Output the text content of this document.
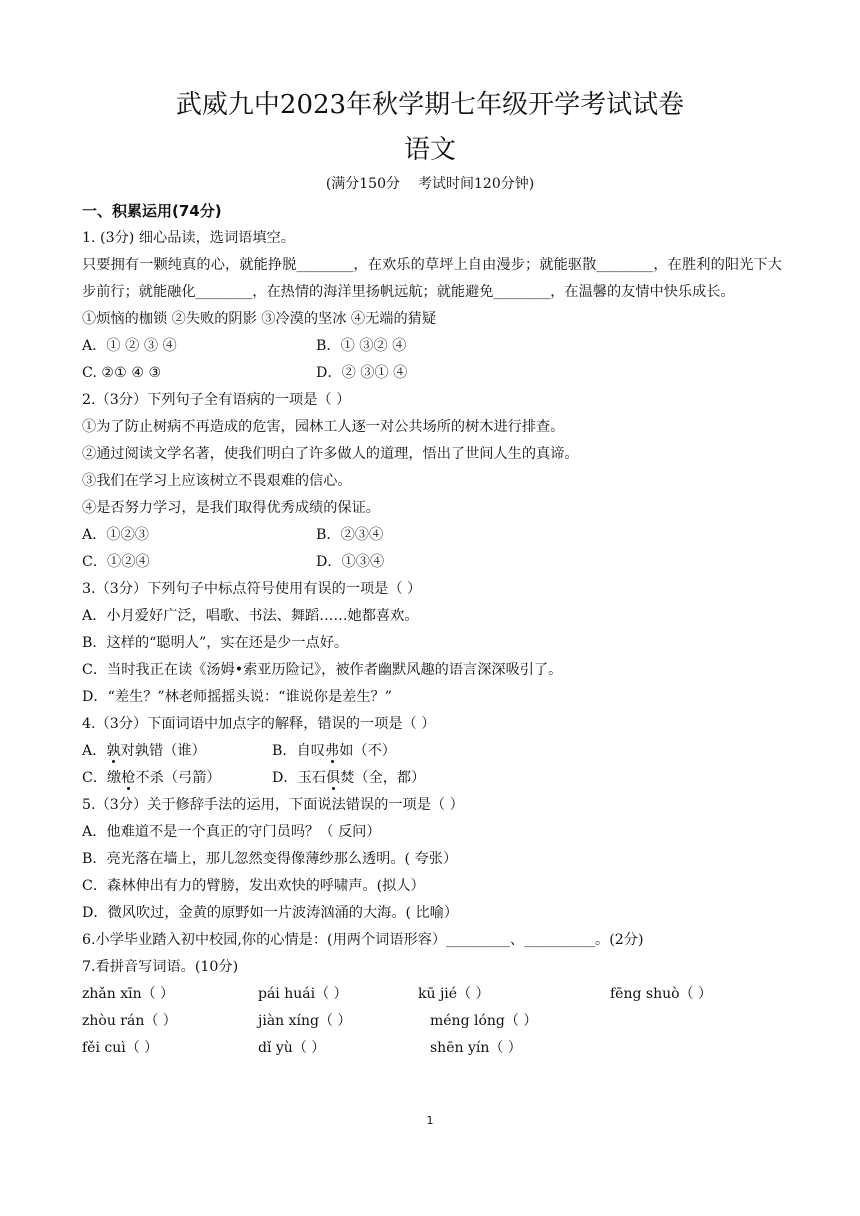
武威九中2023年秋学期七年级开学考试试卷
语文
(满分150分 考试时间120分钟)
一、积累运用(74分)
1. (3分) 细心品读，选词语填空。
只要拥有一颗纯真的心，就能挣脱________，在欢乐的草坪上自由漫步；就能驱散________，在胜利的阳光下大步前行；就能融化________，在热情的海洋里扬帆远航；就能避免________，在温馨的友情中快乐成长。
①烦恼的枷锁 ②失败的阴影 ③冷漠的坚冰 ④无端的猜疑
A．① ② ③ ④	B．① ③② ④
C. ②① ④ ③	D．② ③① ④
2.（3分）下列句子全有语病的一项是（ ）
①为了防止树病不再造成的危害，园林工人逐一对公共场所的树木进行排查。
②通过阅读文学名著，使我们明白了许多做人的道理，悟出了世间人生的真谛。
③我们在学习上应该树立不畏艰难的信心。
④是否努力学习，是我们取得优秀成绩的保证。
A．①②③	B．②③④
C．①②④	D．①③④
3.（3分）下列句子中标点符号使用有误的一项是（ ）
A．小月爱好广泛，唱歌、书法、舞蹈……她都喜欢。
B．这样的“聪明人”，实在还是少一点好。
C．当时我正在读《汤姆•索亚历险记》，被作者幽默风趣的语言深深吸引了。
D．“差生？”林老师摇摇头说：“谁说你是差生？”
4.（3分）下面词语中加点字的解释，错误的一项是（ ）
A．孰对孰错（谁）	B．自叹弗如（不）
C．缴枪不杀（弓箭）	D．玉石俱焚（全，都）
5.（3分）关于修辞手法的运用，下面说法错误的一项是（ ）
A．他难道不是一个真正的守门员吗？（ 反问）
B．亮光落在墙上，那儿忽然变得像薄纱那么透明。( 夸张）
C．森林伸出有力的臂膀，发出欢快的呼啸声。(拟人）
D．微风吹过，金黄的原野如一片波涛汹涌的大海。( 比喻）
6.小学毕业踏入初中校园,你的心情是：(用两个词语形容）_________、__________。(2分)
7.看拼音写词语。(10分)
zhǎn xīn（ ）	pái huái（ ）	kū jié（ ）	fēng shuò（ ）
zhòu rán（ ）	jiàn xíng（ ）	méng lóng（ ）
fěi cuì（ ）	dǐ yù（ ）	shēn yín（ ）
1
